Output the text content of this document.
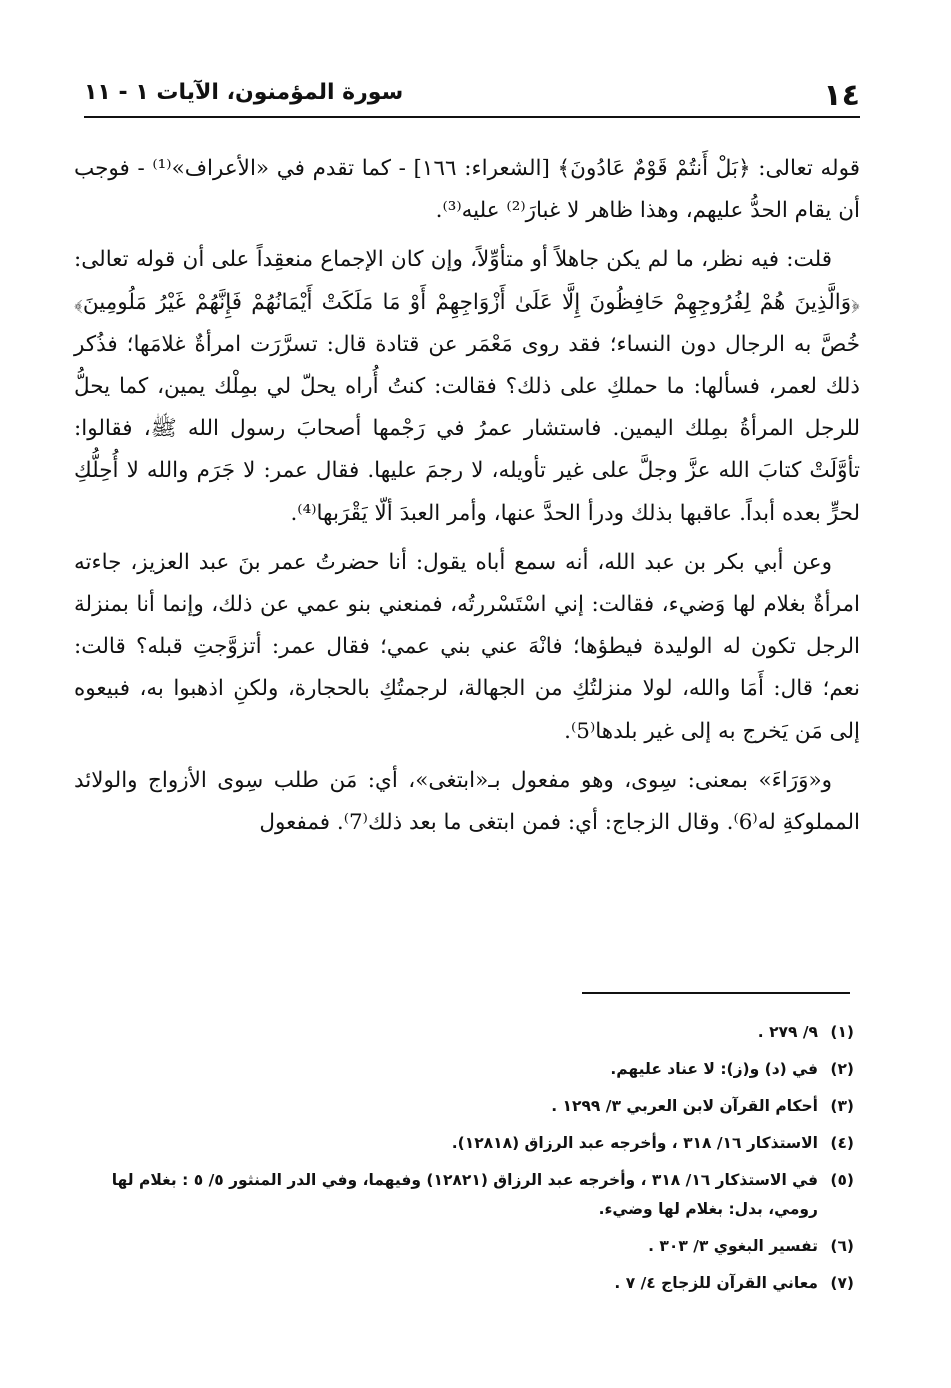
١٤
سورة المؤمنون، الآيات ١ - ١١

قوله تعالى: ﴿بَلْ أَنتُمْ قَوْمٌ عَادُونَ﴾ [الشعراء: ١٦٦] - كما تقدم في «الأعراف»⁽¹⁾ - فوجب أن يقام الحدُّ عليهم، وهذا ظاهر لا غبارَ⁽²⁾ عليه⁽³⁾.

قلت: فيه نظر، ما لم يكن جاهلاً أو متأوِّلاً، وإن كان الإجماع منعقِداً على أن قوله تعالى: ﴿وَالَّذِينَ هُمْ لِفُرُوجِهِمْ حَافِظُونَ إِلَّا عَلَىٰ أَزْوَاجِهِمْ أَوْ مَا مَلَكَتْ أَيْمَانُهُمْ فَإِنَّهُمْ غَيْرُ مَلُومِينَ﴾ خُصَّ به الرجال دون النساء؛ فقد روى مَعْمَر عن قتادة قال: تسرَّرَت امرأةٌ غلامَها؛ فذُكر ذلك لعمر، فسألها: ما حملكِ على ذلك؟ فقالت: كنتُ أُراه يحلّ لي بمِلْك يمين، كما يحلُّ للرجل المرأةُ بمِلك اليمين. فاستشار عمرُ في رَجْمها أصحابَ رسول الله ﷺ، فقالوا: تأوَّلَتْ كتابَ الله عزَّ وجلَّ على غير تأويله، لا رجمَ عليها. فقال عمر: لا جَرَم والله لا أُحِلُّكِ لحرٍّ بعده أبداً. عاقبها بذلك ودرأ الحدَّ عنها، وأمر العبدَ ألّا يَقْرَبها⁽⁴⁾.

وعن أبي بكر بن عبد الله، أنه سمع أباه يقول: أنا حضرتُ عمر بنَ عبد العزيز، جاءته امرأةٌ بغلام لها وَضيء، فقالت: إني اسْتَسْررتُه، فمنعني بنو عمي عن ذلك، وإنما أنا بمنزلة الرجل تكون له الوليدة فيطؤها؛ فانْهَ عني بني عمي؛ فقال عمر: أتزوَّجتِ قبله؟ قالت: نعم؛ قال: أَمَا والله، لولا منزلتُكِ من الجهالة، لرجمتُكِ بالحجارة، ولكنِ اذهبوا به، فبيعوه إلى مَن يَخرج به إلى غير بلدها⁽5⁾.

و«وَرَاءَ» بمعنى: سِوى، وهو مفعول بـ«ابتغى»، أي: مَن طلب سِوى الأزواج والولائد المملوكةِ له⁽6⁾. وقال الزجاج: أي: فمن ابتغى ما بعد ذلك⁽7⁾. فمفعول

(١)
٩/ ٢٧٩ .

(٢)
في (د) و(ز): لا عناد عليهم.

(٣)
أحكام القرآن لابن العربي ٣/ ١٢٩٩ .

(٤)
الاستذكار ١٦/ ٣١٨ ، وأخرجه عبد الرزاق (١٢٨١٨).

(٥)
في الاستذكار ١٦/ ٣١٨ ، وأخرجه عبد الرزاق (١٢٨٢١) وفيهما، وفي الدر المنثور ٥/ ٥ : بغلام لها رومي، بدل: بغلام لها وضيء.

(٦)
تفسير البغوي ٣/ ٣٠٣ .

(٧)
معاني القرآن للزجاج ٤/ ٧ .
